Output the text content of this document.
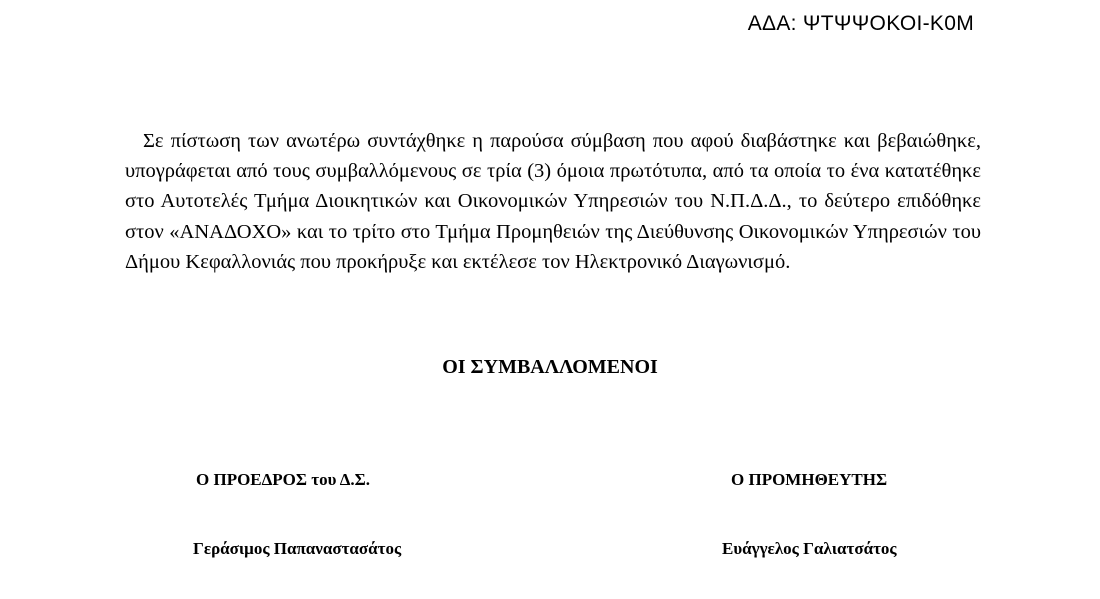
ΑΔΑ: ΨΤΨΨΟΚΟΙ-Κ0Μ

Σε πίστωση των ανωτέρω συντάχθηκε η παρούσα σύμβαση που αφού διαβάστηκε και βεβαιώθηκε, υπογράφεται από τους συμβαλλόμενους σε τρία (3) όμοια πρωτότυπα, από τα οποία το ένα κατατέθηκε στο Αυτοτελές Τμήμα Διοικητικών και Οικονομικών Υπηρεσιών του Ν.Π.Δ.Δ., το δεύτερο επιδόθηκε στον «ΑΝΑΔΟΧΟ» και το τρίτο στο Τμήμα Προμηθειών της Διεύθυνσης Οικονομικών Υπηρεσιών του Δήμου Κεφαλλονιάς που προκήρυξε και εκτέλεσε τον Ηλεκτρονικό Διαγωνισμό.

ΟΙ ΣΥΜΒΑΛΛΟΜΕΝΟΙ
Ο ΠΡΟΕΔΡΟΣ του Δ.Σ.
Γεράσιμος Παπαναστασάτος
Ο ΠΡΟΜΗΘΕΥΤΗΣ
Ευάγγελος Γαλιατσάτος
